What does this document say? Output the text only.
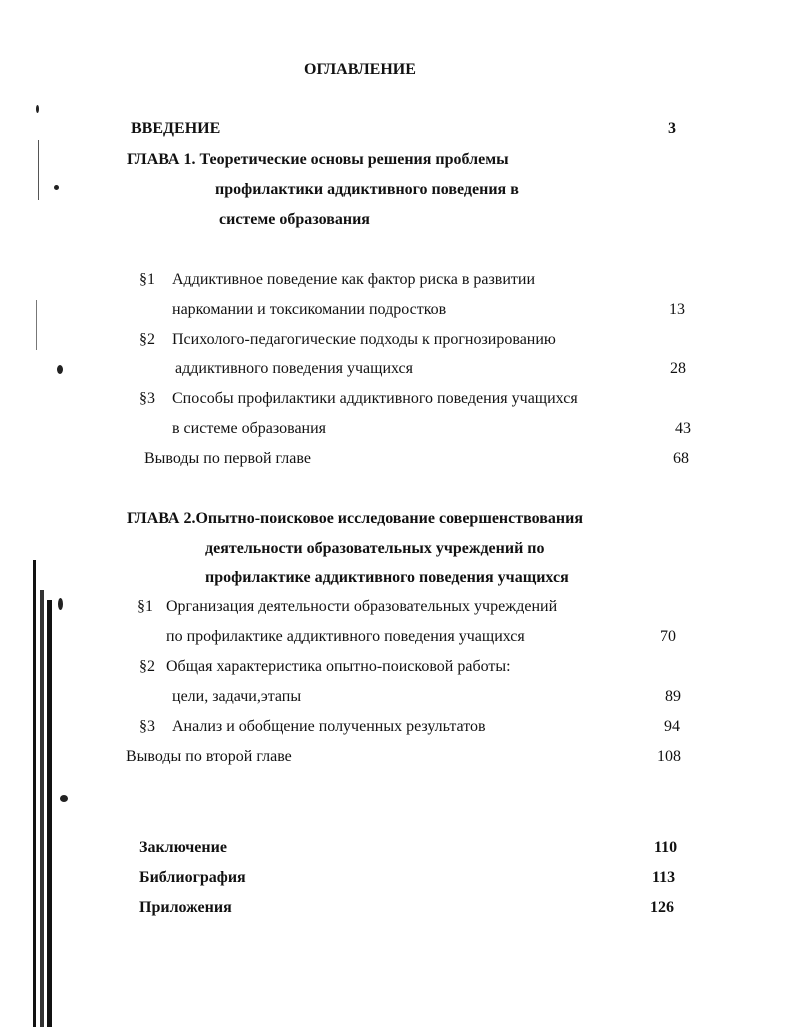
ОГЛАВЛЕНИЕ
ВВЕДЕНИЕ	3
ГЛАВА 1. Теоретические основы решения проблемы
профилактики аддиктивного поведения в
системе образования
§1 Аддиктивное поведение как фактор риска в развитии
наркомании и токсикомании подростков	13
§2 Психолого-педагогические подходы к прогнозированию
аддиктивного поведения учащихся	28
§3 Способы профилактики аддиктивного поведения учащихся
в системе образования	43
Выводы по первой главе	68
ГЛАВА 2.Опытно-поисковое исследование совершенствования
деятельности образовательных учреждений по
профилактике аддиктивного поведения учащихся
§1 Организация деятельности образовательных учреждений
по профилактике аддиктивного поведения учащихся	70
§2 Общая характеристика опытно-поисковой работы:
цели, задачи,этапы	89
§3 Анализ и обобщение полученных результатов	94
Выводы по второй главе	108
Заключение	110
Библиография	113
Приложения	126
